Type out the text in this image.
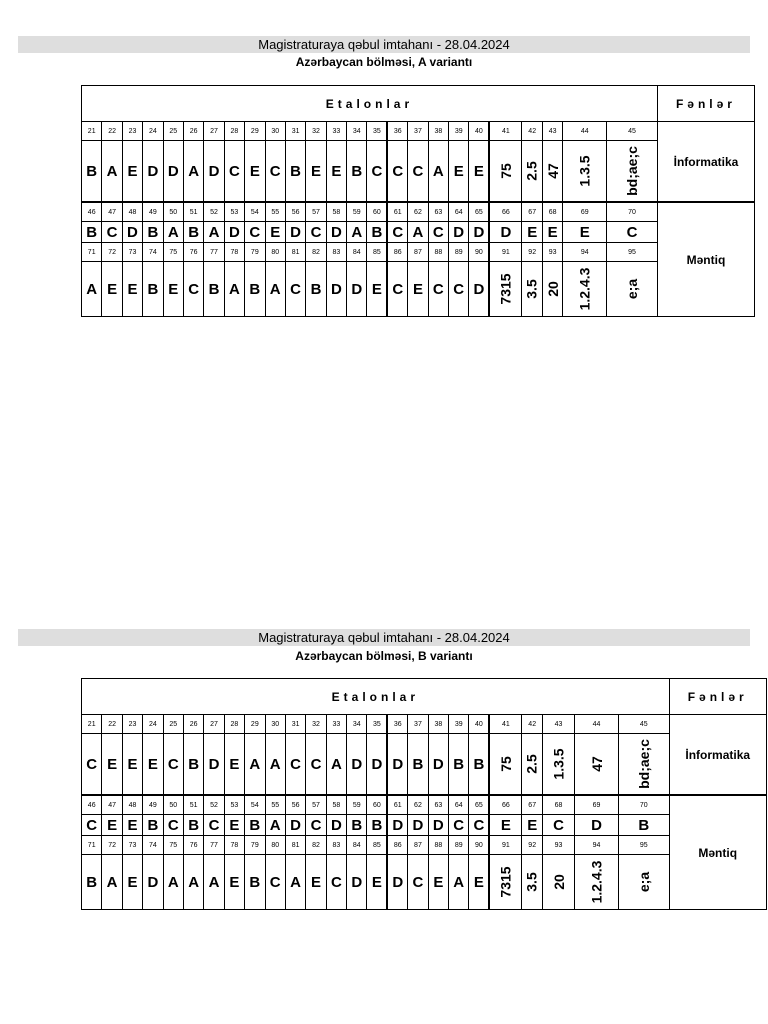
Magistraturaya qəbul imtahanı - 28.04.2024
Azərbaycan bölməsi, A variantı
Etalonlar																									Fənlər
21	22	23	24	25	26	27	28	29	30	31	32	33	34	35	36	37	38	39	40	41	42	43	44	45	İnformatika
B	A	E	D	D	A	D	C	E	C	B	E	E	B	C	C	C	A	E	E	75	2.5	47	1.3.5	bd;ae;c	
46	47	48	49	50	51	52	53	54	55	56	57	58	59	60	61	62	63	64	65	66	67	68	69	70	Məntiq
B	C	D	B	A	B	A	D	C	E	D	C	D	A	B	C	A	C	D	D	D	E	E	E	C	
71	72	73	74	75	76	77	78	79	80	81	82	83	84	85	86	87	88	89	90	91	92	93	94	95	
A	E	E	B	E	C	B	A	B	A	C	B	D	D	E	C	E	C	C	D	7315	3.5	20	1.2.4.3	e;a	
Magistraturaya qəbul imtahanı - 28.04.2024
Azərbaycan bölməsi, B variantı
Etalonlar																									Fənlər
21	22	23	24	25	26	27	28	29	30	31	32	33	34	35	36	37	38	39	40	41	42	43	44	45	İnformatika
C	E	E	E	C	B	D	E	A	A	C	C	A	D	D	D	B	D	B	B	75	2.5	1.3.5	47	bd;ae;c	
46	47	48	49	50	51	52	53	54	55	56	57	58	59	60	61	62	63	64	65	66	67	68	69	70	Məntiq
C	E	E	B	C	B	C	E	B	A	D	C	D	B	B	D	D	D	C	C	E	E	C	D	B	
71	72	73	74	75	76	77	78	79	80	81	82	83	84	85	86	87	88	89	90	91	92	93	94	95	
B	A	E	D	A	A	A	E	B	C	A	E	C	D	E	D	C	E	A	E	7315	3.5	20	1.2.4.3	e;a	
